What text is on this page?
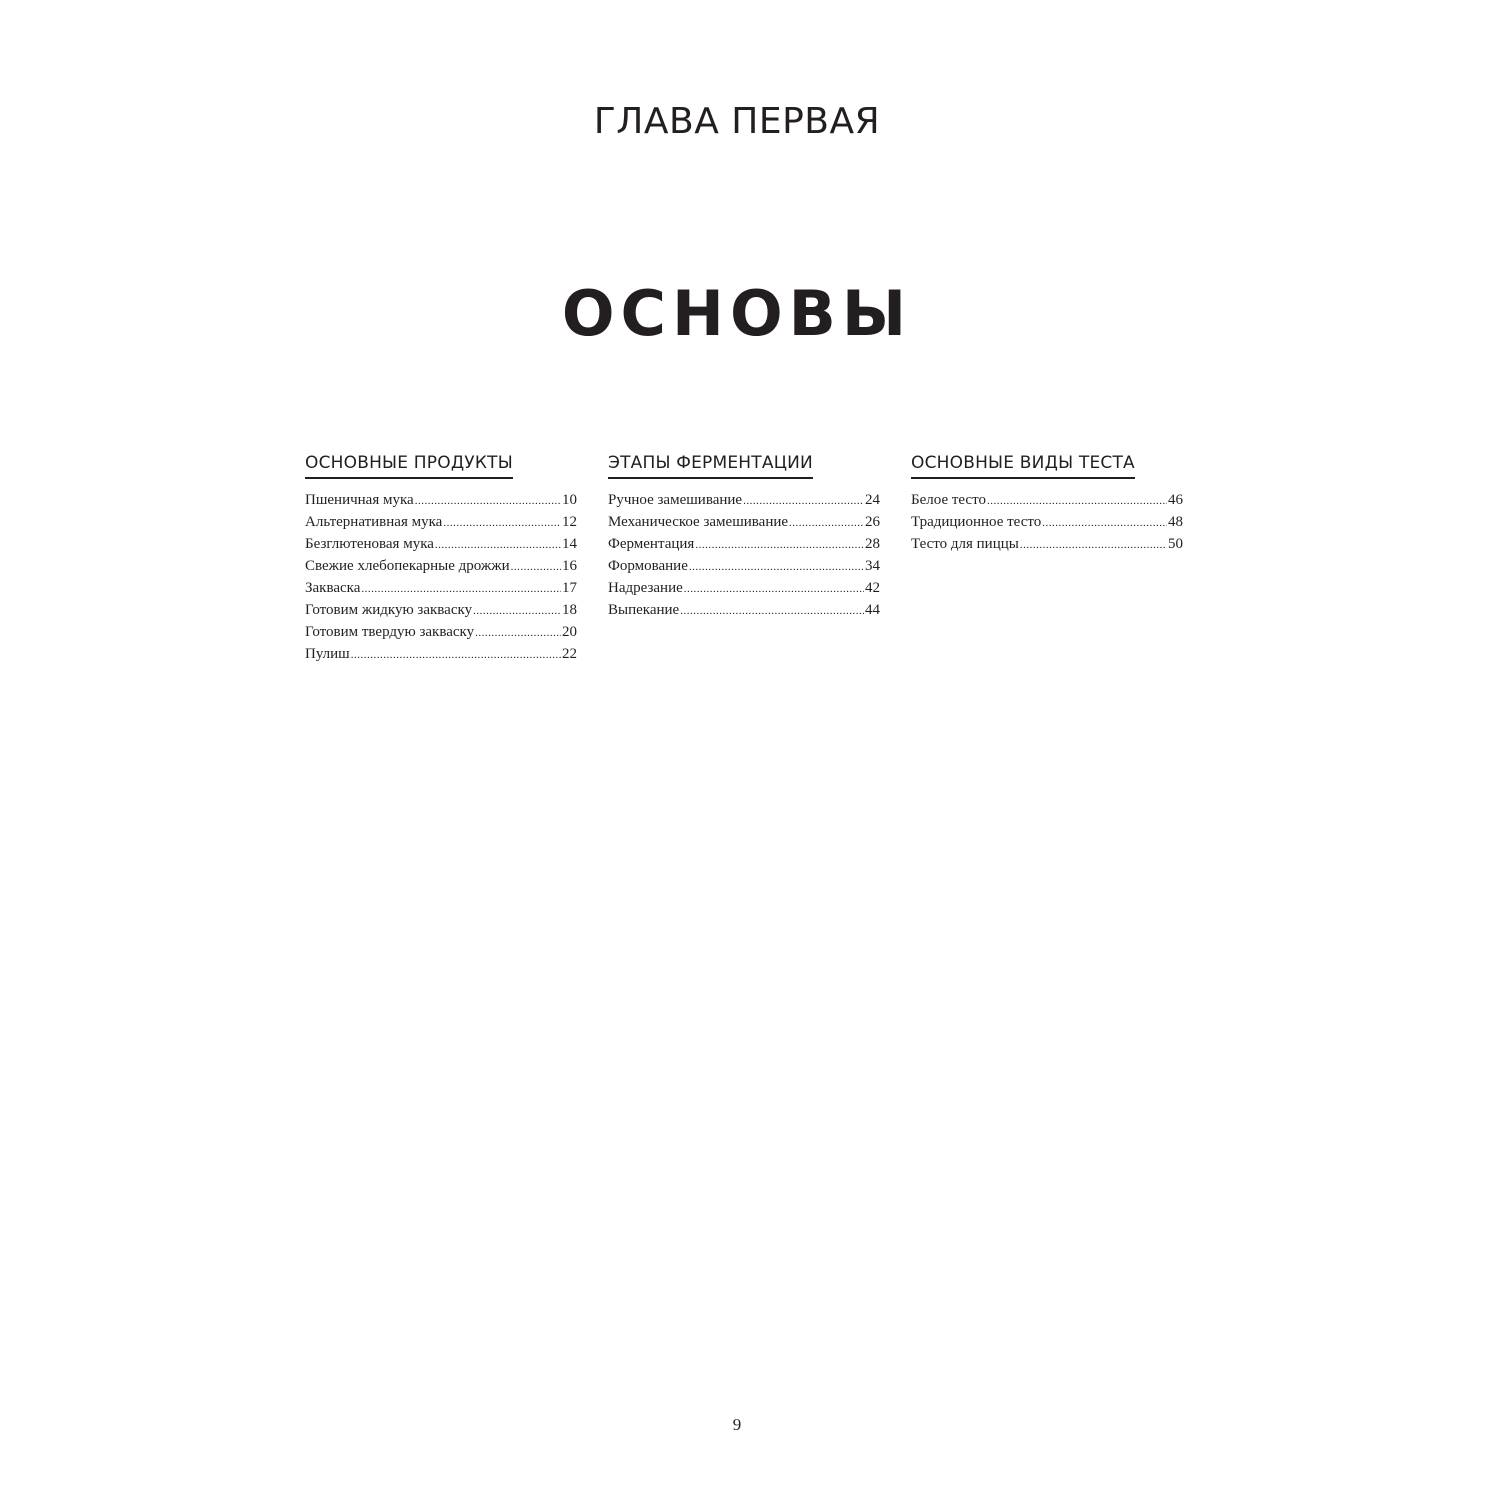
ГЛАВА ПЕРВАЯ
ОСНОВЫ
ОСНОВНЫЕ ПРОДУКТЫ
Пшеничная мука .....	10
Альтернативная мука .....	12
Безглютеновая мука .....	14
Свежие хлебопекарные дрожжи .....	16
Закваска .....	17
Готовим жидкую закваску .....	18
Готовим твердую закваску .....	20
Пулиш .....	22
ЭТАПЫ ФЕРМЕНТАЦИИ
Ручное замешивание .....	24
Механическое замешивание .....	26
Ферментация .....	28
Формование .....	34
Надрезание .....	42
Выпекание .....	44
ОСНОВНЫЕ ВИДЫ ТЕСТА
Белое тесто .....	46
Традиционное тесто .....	48
Тесто для пиццы .....	50
9
